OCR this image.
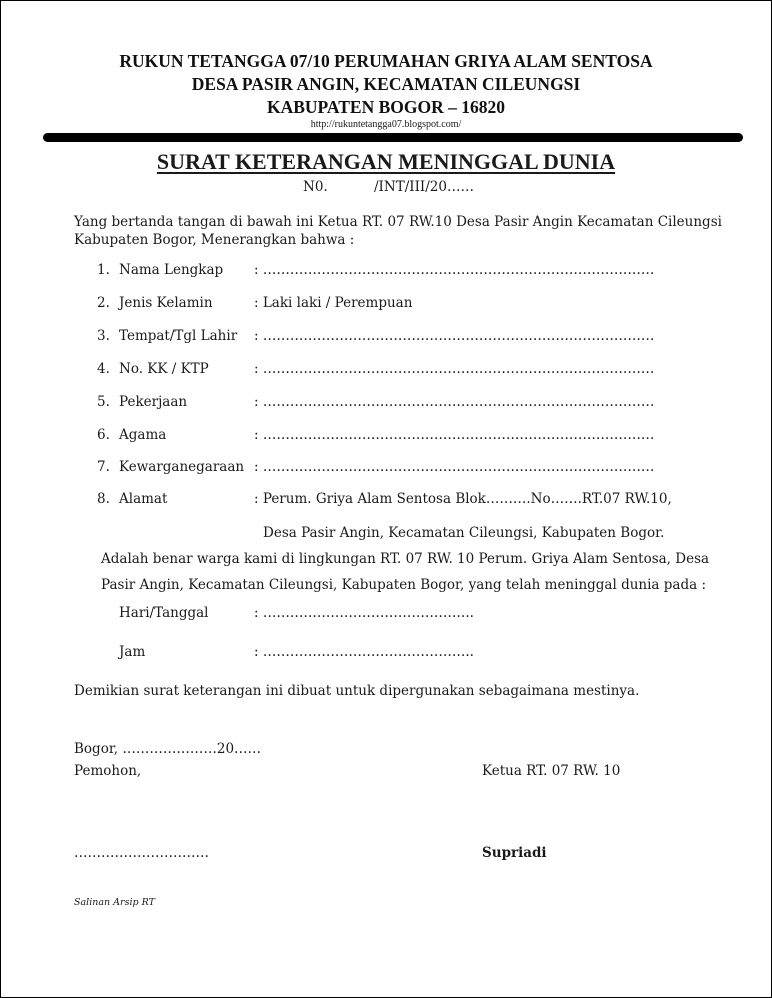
RUKUN TETANGGA 07/10 PERUMAHAN GRIYA ALAM SENTOSA
DESA PASIR ANGIN, KECAMATAN CILEUNGSI
KABUPATEN BOGOR – 16820
http://rukuntetangga07.blogspot.com/
SURAT KETERANGAN MENINGGAL DUNIA
N0.	/INT/III/20……
Yang bertanda tangan di bawah ini Ketua RT. 07 RW.10 Desa Pasir Angin Kecamatan Cileungsi
Kabupaten Bogor, Menerangkan bahwa :
1. Nama Lengkap : ……………………………………………………………………………
2. Jenis Kelamin	: Laki laki / Perempuan
3. Tempat/Tgl Lahir : ……………………………………………………………………………
4. No. KK / KTP	: ……………………………………………………………………………
5. Pekerjaan	: ……………………………………………………………………………
6. Agama	: ……………………………………………………………………………
7. Kewarganegaraan : ……………………………………………………………………………
8. Alamat	: Perum. Griya Alam Sentosa Blok……….No…….RT.07 RW.10,
Desa Pasir Angin, Kecamatan Cileungsi, Kabupaten Bogor.
Adalah benar warga kami di lingkungan RT. 07 RW. 10 Perum. Griya Alam Sentosa, Desa
Pasir Angin, Kecamatan Cileungsi, Kabupaten Bogor, yang telah meninggal dunia pada :
Hari/Tanggal	: ………………………………………..
Jam	: ………………………………………..
Demikian surat keterangan ini dibuat untuk dipergunakan sebagaimana mestinya.
Bogor, …………………20……
Pemohon,	Ketua RT. 07 RW. 10
…………………………	Supriadi
Salinan Arsip RT
